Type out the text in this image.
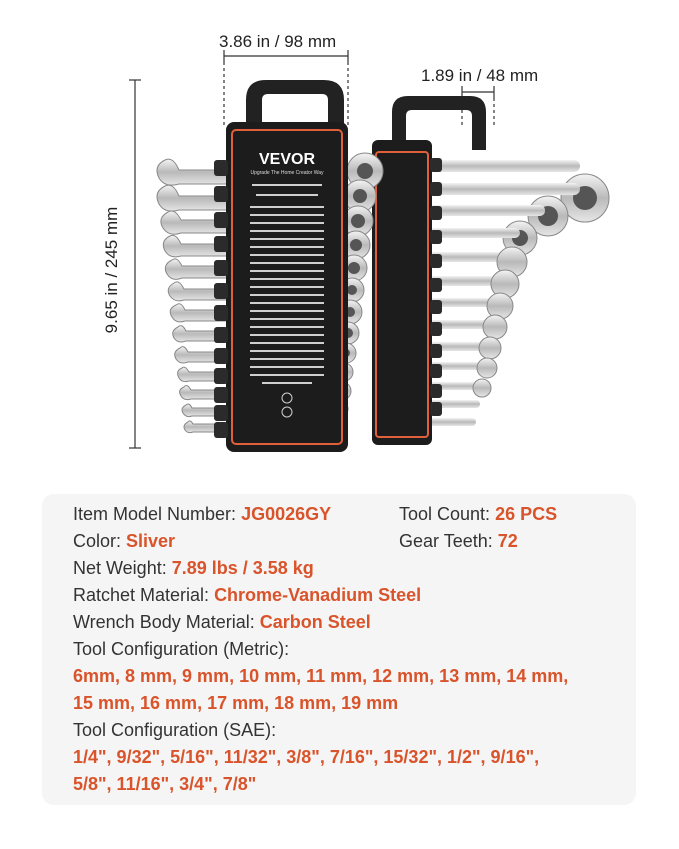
VEVOR
Upgrade The Home Creator Way
3.86 in / 98 mm
1.89 in / 48 mm
9.65 in / 245 mm
Item Model Number: JG0026GY	Tool Count: 26 PCS
Color: Sliver	Gear Teeth: 72
Net Weight: 7.89 lbs / 3.58 kg
Ratchet Material: Chrome-Vanadium Steel
Wrench Body Material: Carbon Steel
Tool Configuration (Metric):
6mm, 8 mm, 9 mm, 10 mm, 11 mm, 12 mm, 13 mm, 14 mm,
15 mm, 16 mm, 17 mm, 18 mm, 19 mm
Tool Configuration (SAE):
1/4", 9/32", 5/16", 11/32", 3/8", 7/16", 15/32", 1/2", 9/16",
5/8", 11/16", 3/4", 7/8"
